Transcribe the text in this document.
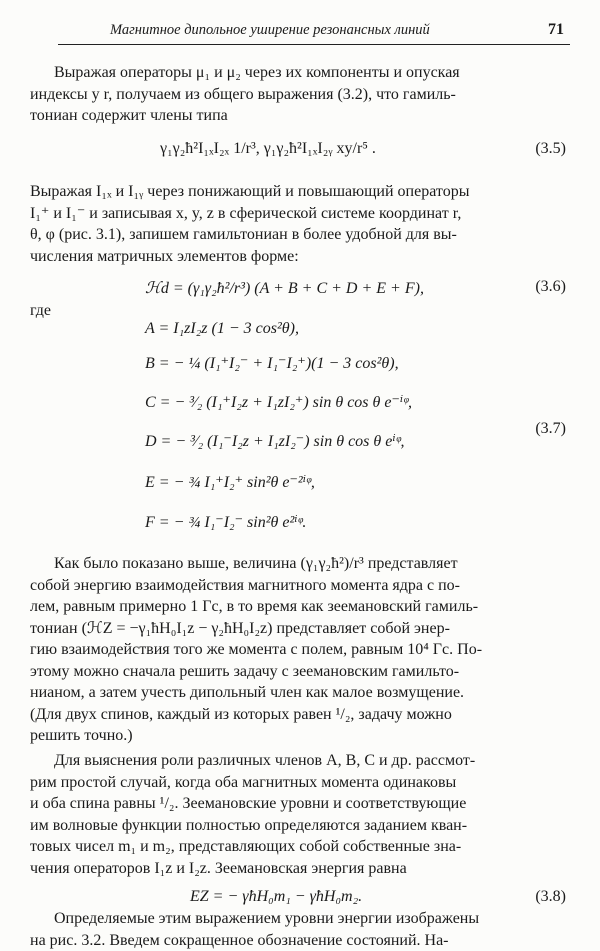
Магнитное дипольное уширение резонансных линий	71
Выражая операторы μ₁ и μ₂ через их компоненты и опуская
индексы у r, получаем из общего выражения (3.2), что гамиль-
тониан содержит члены типа
γ₁γ₂ħ²I₁ₓI₂ₓ 1/r³, γ₁γ₂ħ²I₁ₓI₂ᵧ xy/r⁵ .	(3.5)
Выражая I₁ₓ и I₁ᵧ через понижающий и повышающий операторы
I₁⁺ и I₁⁻ и записывая x, y, z в сферической системе координат r,
θ, φ (рис. 3.1), запишем гамильтониан в более удобной для вы-
числения матричных элементов форме:
ℋd = (γ₁γ₂ħ²/r³) (A + B + C + D + E + F),	(3.6)
где
A = I₁zI₂z (1 − 3 cos²θ),
B = − ¼ (I₁⁺I₂⁻ + I₁⁻I₂⁺)(1 − 3 cos²θ),
C = − ³⁄₂ (I₁⁺I₂z + I₁zI₂⁺) sin θ cos θ e⁻ⁱᵠ,
D = − ³⁄₂ (I₁⁻I₂z + I₁zI₂⁻) sin θ cos θ eⁱᵠ,
E = − ¾ I₁⁺I₂⁺ sin²θ e⁻²ⁱᵠ,
F = − ¾ I₁⁻I₂⁻ sin²θ e²ⁱᵠ.
(3.7)
Как было показано выше, величина (γ₁γ₂ħ²)/r³ представляет
собой энергию взаимодействия магнитного момента ядра с по-
лем, равным примерно 1 Гс, в то время как зеемановский гамиль-
тониан (ℋZ = −γ₁ħH₀I₁z − γ₂ħH₀I₂z) представляет собой энер-
гию взаимодействия того же момента с полем, равным 10⁴ Гс. По-
этому можно сначала решить задачу с зеемановским гамильто-
нианом, а затем учесть дипольный член как малое возмущение.
(Для двух спинов, каждый из которых равен ¹/₂, задачу можно
решить точно.)
Для выяснения роли различных членов A, B, C и др. рассмот-
рим простой случай, когда оба магнитных момента одинаковы
и оба спина равны ¹/₂. Зеемановские уровни и соответствующие
им волновые функции полностью определяются заданием кван-
товых чисел m₁ и m₂, представляющих собой собственные зна-
чения операторов I₁z и I₂z. Зеемановская энергия равна
EZ = − γħH₀m₁ − γħH₀m₂.	(3.8)
Определяемые этим выражением уровни энергии изображены
на рис. 3.2. Введем сокращенное обозначение состояний. На-
